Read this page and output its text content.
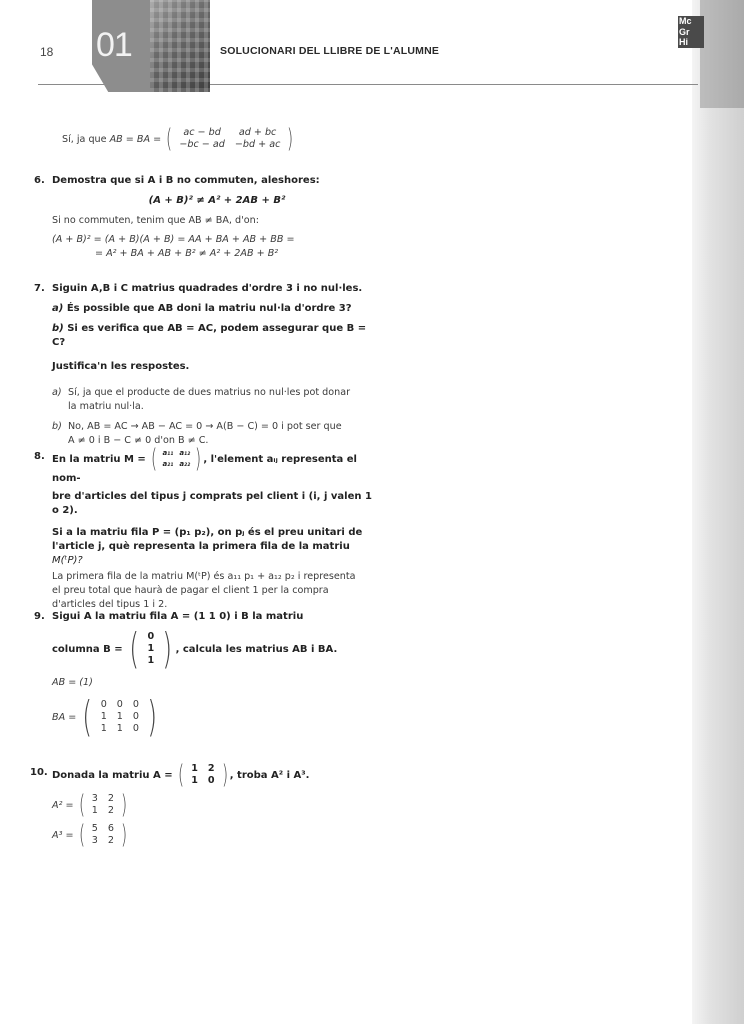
18 01	SOLUCIONARI DEL LLIBRE DE L'ALUMNE
Mc
Gr
Hi
Sí, ja que AB = BA = ( ac − bd	ad + bc
−bc − ad	−bd + ac )
6. Demostra que si A i B no commuten, aleshores:
(A + B)² ≠ A² + 2AB + B²
Si no commuten, tenim que AB ≠ BA, d'on:
(A + B)² = (A + B)(A + B) = AA + BA + AB + BB =
= A² + BA + AB + B² ≠ A² + 2AB + B²
7. Siguin A,B i C matrius quadrades d'ordre 3 i no nul·les.
a) És possible que AB doni la matriu nul·la d'ordre 3?
b) Si es verifica que AB = AC, podem assegurar que B = C?
Justifica'n les respostes.
a) Sí, ja que el producte de dues matrius no nul·les pot donar
la matriu nul·la.
b) No, AB = AC → AB − AC = 0 → A(B − C) = 0 i pot ser que
A ≠ 0 i B − C ≠ 0 d'on B ≠ C.
8. En la matriu M = ( a₁₁	a₁₂
a₂₁	a₂₂ ) , l'element aᵢⱼ representa el nom-
bre d'articles del tipus j comprats pel client i (i, j valen 1
o 2).
Si a la matriu fila P = (p₁ p₂), on pⱼ és el preu unitari de
l'article j, què representa la primera fila de la matriu
M(ᵗP)?
La primera fila de la matriu M(ᵗP) és a₁₁ p₁ + a₁₂ p₂ i representa
el preu total que haurà de pagar el client 1 per la compra
d'articles del tipus 1 i 2.
9. Sigui A la matriu fila A = (1 1 0) i B la matriu
columna B = ( 0
1
1 ) , calcula les matrius AB i BA.
AB = (1)
BA = ( 0	0	0
1	1	0
1	1	0 )
10. Donada la matriu A = ( 1	2
1	0 ) , troba A² i A³.
A² = ( 3	2
1	2 )
A³ = ( 5	6
3	2 )
